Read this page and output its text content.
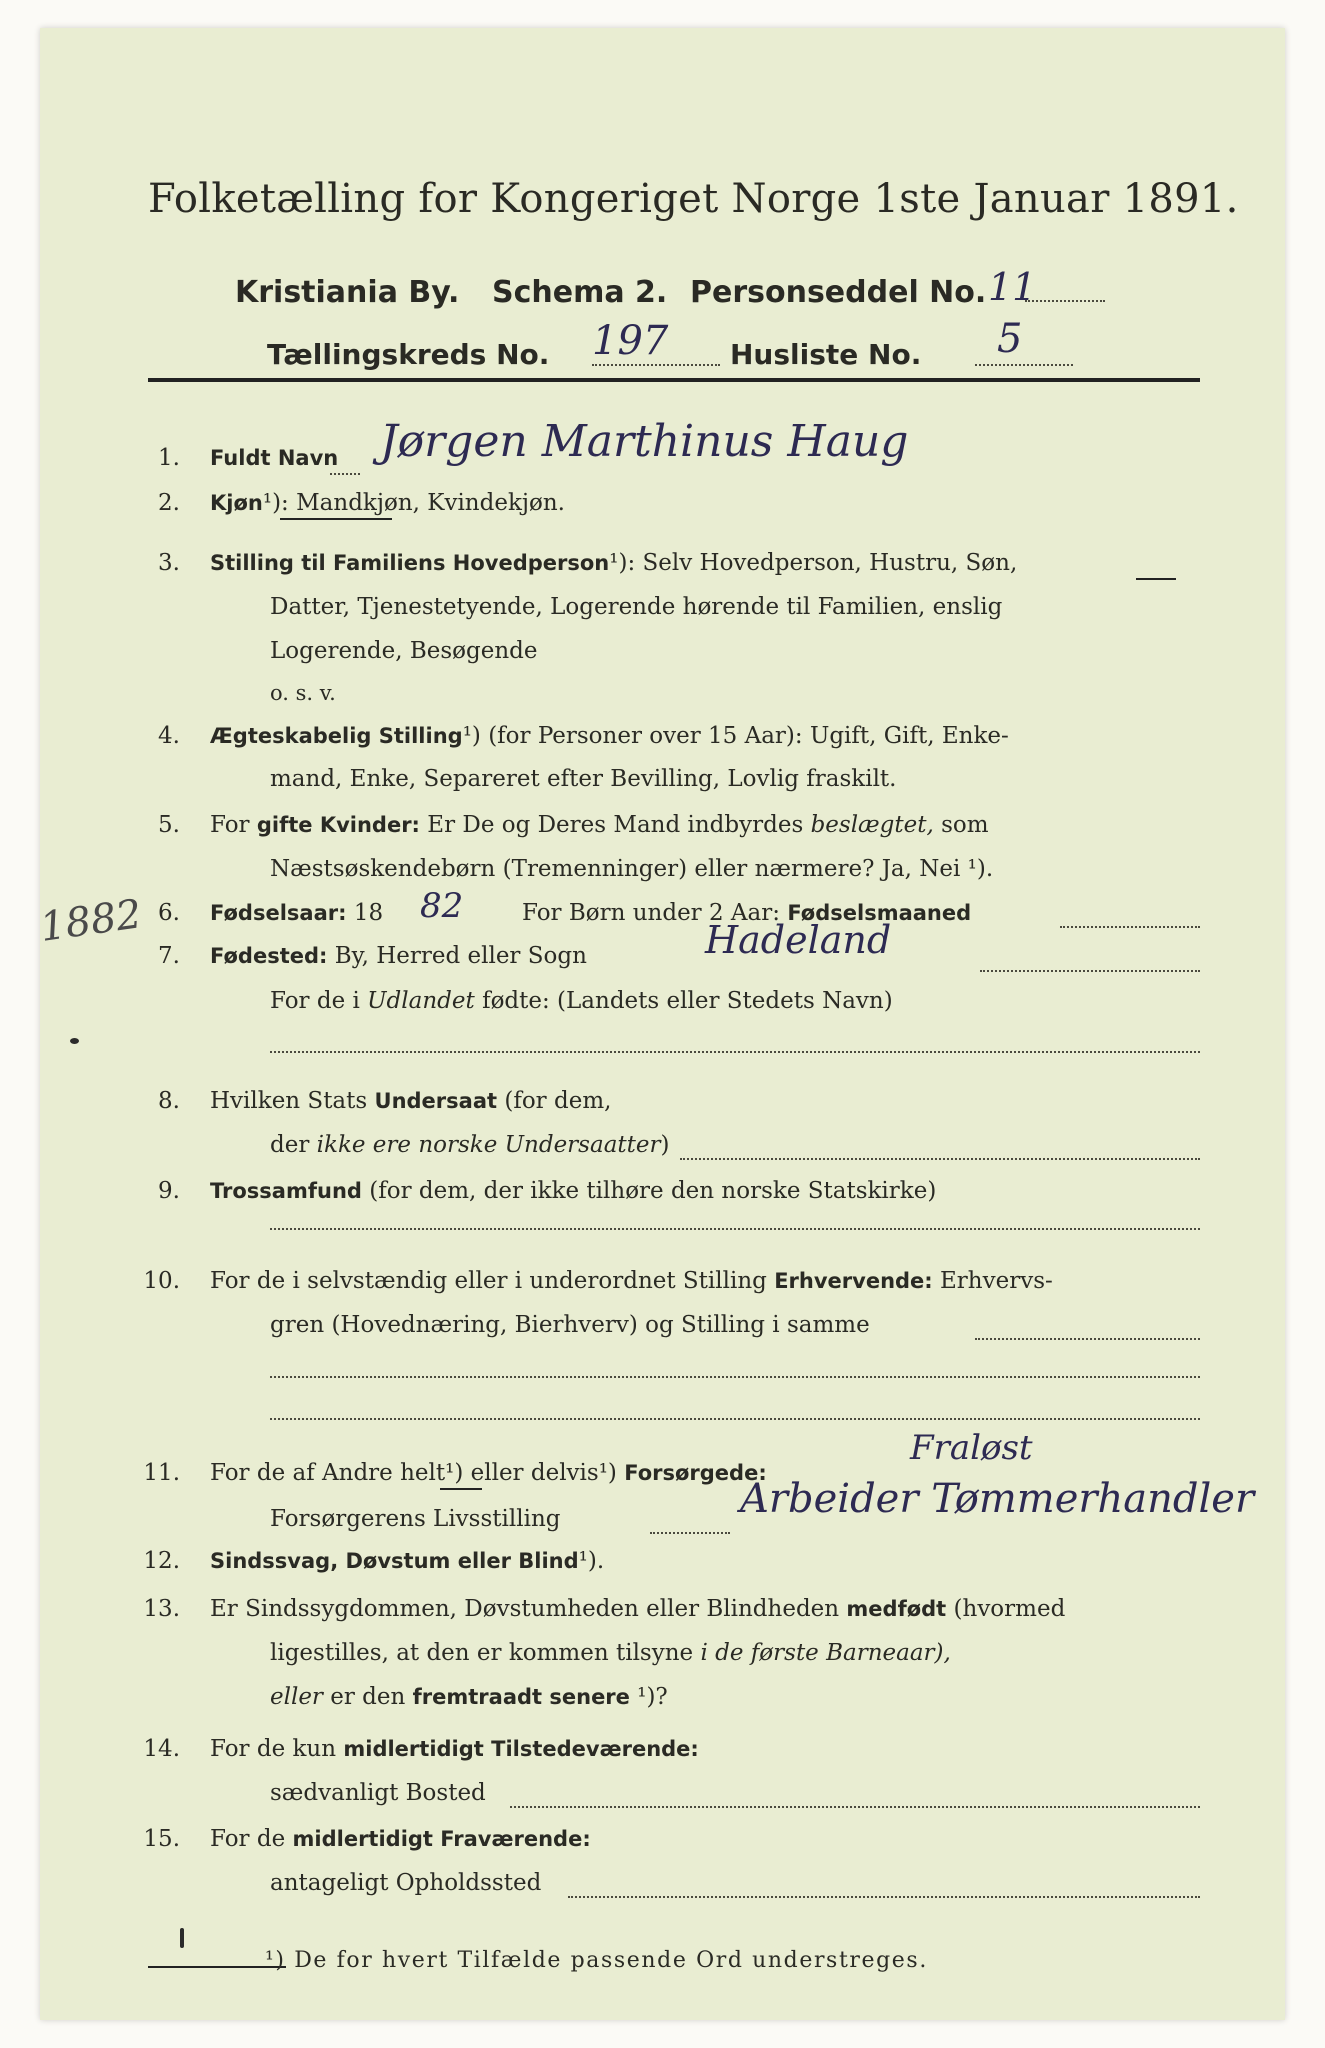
Folketælling for Kongeriget Norge 1ste Januar 1891.
Kristiania By. Schema 2. Personseddel No. 11
Tællingskreds No. 197 Husliste No. 5
1. Fuldt Navn Jørgen Marthinus Haug
2. Kjøn¹): Mandkjøn, Kvindekjøn.
3. Stilling til Familiens Hovedperson¹): Selv Hovedperson, Hustru, Søn,
Datter, Tjenestetyende, Logerende hørende til Familien, enslig
Logerende, Besøgende
o. s. v.
4. Ægteskabelig Stilling¹) (for Personer over 15 Aar): Ugift, Gift, Enke-
mand, Enke, Separeret efter Bevilling, Lovlig fraskilt.
5. For gifte Kvinder: Er De og Deres Mand indbyrdes beslægtet, som
Næstsøskendebørn (Tremenninger) eller nærmere? Ja, Nei ¹).
1882 6. Fødselsaar: 18 82	For Børn under 2 Aar: Fødselsmaaned
7. Fødested: By, Herred eller Sogn	Hadeland
For de i Udlandet fødte: (Landets eller Stedets Navn)
8. Hvilken Stats Undersaat (for dem,
der ikke ere norske Undersaatter)
9. Trossamfund (for dem, der ikke tilhøre den norske Statskirke)
10. For de i selvstændig eller i underordnet Stilling Erhvervende: Erhvervs-
gren (Hovednæring, Bierhverv) og Stilling i samme
11. For de af Andre helt¹) eller delvis¹) Forsørgede:
Fraløst
Forsørgerens Livsstilling	Arbeider Tømmerhandler
12. Sindssvag, Døvstum eller Blind¹).
13. Er Sindssygdommen, Døvstumheden eller Blindheden medfødt (hvormed
ligestilles, at den er kommen tilsyne i de første Barneaar),
eller er den fremtraadt senere ¹)?
14. For de kun midlertidigt Tilstedeværende:
sædvanligt Bosted
15. For de midlertidigt Fraværende:
antageligt Opholdssted
¹) De for hvert Tilfælde passende Ord understreges.
